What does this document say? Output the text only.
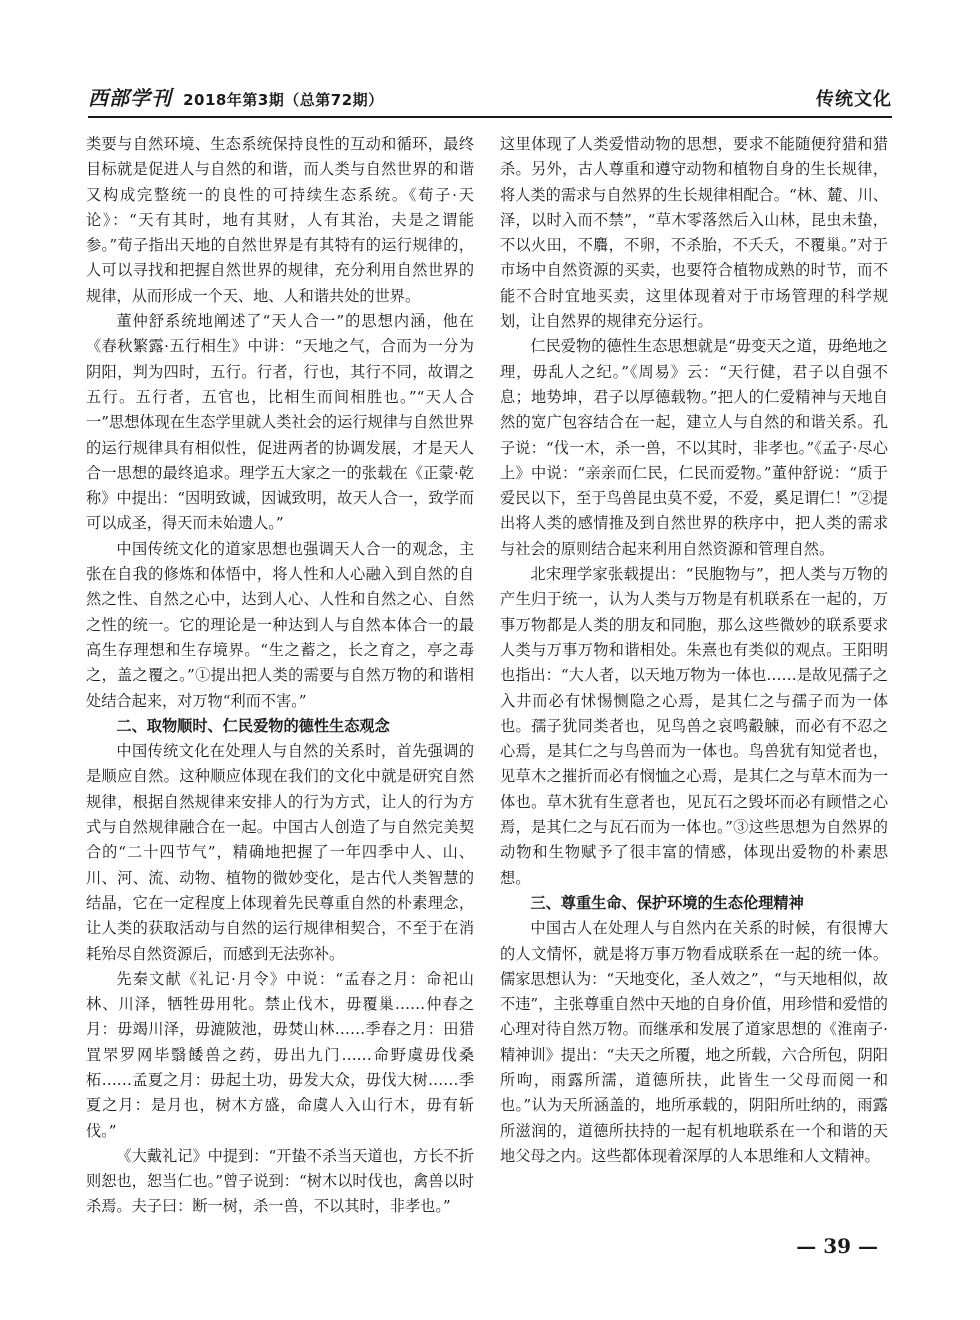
西部学刊 2018年第3期（总第72期）	传统文化

类要与自然环境、生态系统保持良性的互动和循环，最终目标就是促进人与自然的和谐，而人类与自然世界的和谐又构成完整统一的良性的可持续生态系统。《荀子·天论》：“天有其时，地有其财，人有其治，夫是之谓能参。”荀子指出天地的自然世界是有其特有的运行规律的，人可以寻找和把握自然世界的规律，充分利用自然世界的规律，从而形成一个天、地、人和谐共处的世界。

董仲舒系统地阐述了“天人合一”的思想内涵，他在《春秋繁露·五行相生》中讲：“天地之气，合而为一分为阴阳，判为四时，五行。行者，行也，其行不同，故谓之五行。五行者，五官也，比相生而间相胜也。”“天人合一”思想体现在生态学里就人类社会的运行规律与自然世界的运行规律具有相似性，促进两者的协调发展，才是天人合一思想的最终追求。理学五大家之一的张载在《正蒙·乾称》中提出：“因明致诚，因诚致明，故天人合一，致学而可以成圣，得天而未始遗人。”

中国传统文化的道家思想也强调天人合一的观念，主张在自我的修炼和体悟中，将人性和人心融入到自然的自然之性、自然之心中，达到人心、人性和自然之心、自然之性的统一。它的理论是一种达到人与自然本体合一的最高生存理想和生存境界。“生之蓄之，长之育之，亭之毒之，盖之覆之。”①提出把人类的需要与自然万物的和谐相处结合起来，对万物“利而不害。”

二、取物顺时、仁民爱物的德性生态观念

中国传统文化在处理人与自然的关系时，首先强调的是顺应自然。这种顺应体现在我们的文化中就是研究自然规律，根据自然规律来安排人的行为方式，让人的行为方式与自然规律融合在一起。中国古人创造了与自然完美契合的“二十四节气”，精确地把握了一年四季中人、山、川、河、流、动物、植物的微妙变化，是古代人类智慧的结晶，它在一定程度上体现着先民尊重自然的朴素理念，让人类的获取活动与自然的运行规律相契合，不至于在消耗殆尽自然资源后，而感到无法弥补。

先秦文献《礼记·月令》中说：“孟春之月：命祀山林、川泽，牺牲毋用牝。禁止伐木，毋覆巢……仲春之月：毋竭川泽，毋漉陂池，毋焚山林……季春之月：田猎罝罘罗网毕翳餧兽之药，毋出九门……命野虞毋伐桑柘……孟夏之月：毋起土功，毋发大众，毋伐大树……季夏之月：是月也，树木方盛，命虞人入山行木，毋有斩伐。”

《大戴礼记》中提到：“开蛰不杀当天道也，方长不折则恕也，恕当仁也。”曾子说到：“树木以时伐也，禽兽以时杀焉。夫子曰：断一树，杀一兽，不以其时，非孝也。”

这里体现了人类爱惜动物的思想，要求不能随便狩猎和猎杀。另外，古人尊重和遵守动物和植物自身的生长规律，将人类的需求与自然界的生长规律相配合。“林、麓、川、泽，以时入而不禁”，“草木零落然后入山林，昆虫未蛰，不以火田，不麛，不卵，不杀胎，不夭夭，不覆巢。”对于市场中自然资源的买卖，也要符合植物成熟的时节，而不能不合时宜地买卖，这里体现着对于市场管理的科学规划，让自然界的规律充分运行。

仁民爱物的德性生态思想就是“毋变天之道，毋绝地之理，毋乱人之纪。”《周易》云：“天行健，君子以自强不息；地势坤，君子以厚德载物。”把人的仁爱精神与天地自然的宽广包容结合在一起，建立人与自然的和谐关系。孔子说：“伐一木，杀一兽，不以其时，非孝也。”《孟子·尽心上》中说：“亲亲而仁民，仁民而爱物。”董仲舒说：“质于爱民以下，至于鸟兽昆虫莫不爱，不爱，奚足谓仁！”②提出将人类的感情推及到自然世界的秩序中，把人类的需求与社会的原则结合起来利用自然资源和管理自然。

北宋理学家张载提出：“民胞物与”，把人类与万物的产生归于统一，认为人类与万物是有机联系在一起的，万事万物都是人类的朋友和同胞，那么这些微妙的联系要求人类与万事万物和谐相处。朱熹也有类似的观点。王阳明也指出：“大人者，以天地万物为一体也……是故见孺子之入井而必有怵惕恻隐之心焉，是其仁之与孺子而为一体也。孺子犹同类者也，见鸟兽之哀鸣觳觫，而必有不忍之心焉，是其仁之与鸟兽而为一体也。鸟兽犹有知觉者也，见草木之摧折而必有悯恤之心焉，是其仁之与草木而为一体也。草木犹有生意者也，见瓦石之毁坏而必有顾惜之心焉，是其仁之与瓦石而为一体也。”③这些思想为自然界的动物和生物赋予了很丰富的情感，体现出爱物的朴素思想。

三、尊重生命、保护环境的生态伦理精神

中国古人在处理人与自然内在关系的时候，有很博大的人文情怀，就是将万事万物看成联系在一起的统一体。儒家思想认为：“天地变化，圣人效之”，“与天地相似，故不违”，主张尊重自然中天地的自身价值，用珍惜和爱惜的心理对待自然万物。而继承和发展了道家思想的《淮南子·精神训》提出：“夫天之所覆，地之所载，六合所包，阴阳所呴，雨露所濡，道德所扶，此皆生一父母而阅一和也。”认为天所涵盖的，地所承载的，阴阳所吐纳的，雨露所滋润的，道德所扶持的一起有机地联系在一个和谐的天地父母之内。这些都体现着深厚的人本思维和人文精神。

— 39 —
